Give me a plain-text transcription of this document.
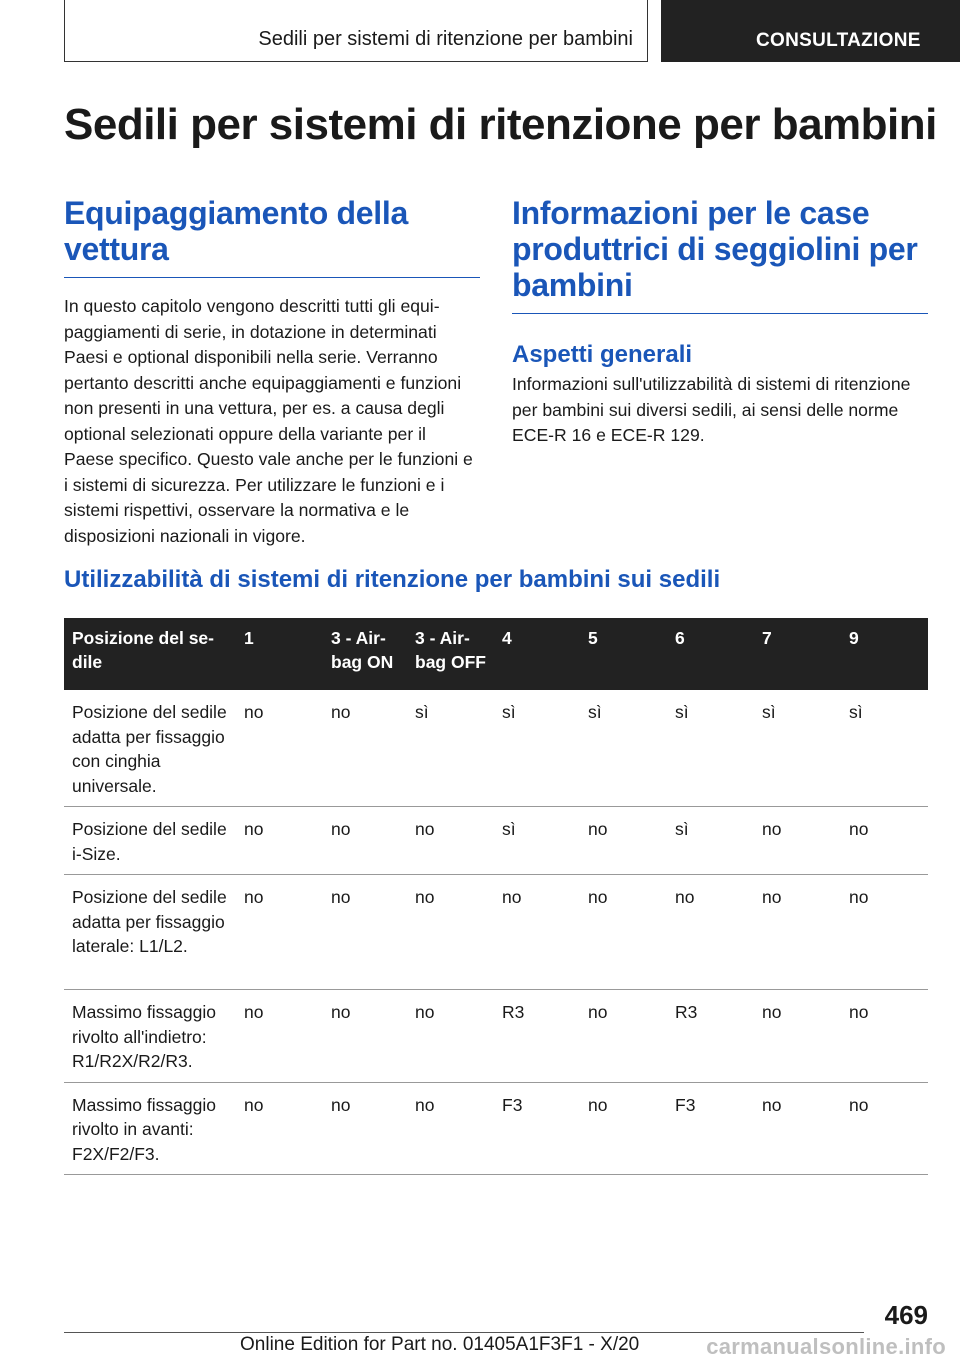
Sedili per sistemi di ritenzione per bambini	CONSULTAZIONE
Sedili per sistemi di ritenzione per bambini
Equipaggiamento della vettura

In questo capitolo vengono descritti tutti gli equipaggiamenti di serie, in dotazione in determinati Paesi e optional disponibili nella serie. Verranno pertanto descritti anche equipaggiamenti e funzioni non presenti in una vettura, per es. a causa degli optional selezionati oppure della variante per il Paese specifico. Questo vale anche per le funzioni e i sistemi di sicurezza. Per utilizzare le funzioni e i sistemi rispettivi, osservare la normativa e le disposizioni nazionali in vigore.

Informazioni per le case produttrici di seggiolini per bambini
Aspetti generali

Informazioni sull'utilizzabilità di sistemi di ritenzione per bambini sui diversi sedili, ai sensi delle norme ECE-R 16 e ECE-R 129.

Utilizzabilità di sistemi di ritenzione per bambini sui sedili
Posizione del sedile	1	3 - Airbag ON	3 - Airbag OFF	4	5	6	7	9
Posizione del sedile adatta per fissaggio con cinghia universale.	no	no	sì	sì	sì	sì	sì	sì
Posizione del sedile i-Size.	no	no	no	sì	no	sì	no	no
Posizione del sedile adatta per fissaggio laterale: L1/L2.	no	no	no	no	no	no	no	no
Massimo fissaggio rivolto all'indietro: R1/R2X/R2/R3.	no	no	no	R3	no	R3	no	no
Massimo fissaggio rivolto in avanti: F2X/F2/F3.	no	no	no	F3	no	F3	no	no
469
Online Edition for Part no. 01405A1F3F1 - X/20	carmanualsonline.info
